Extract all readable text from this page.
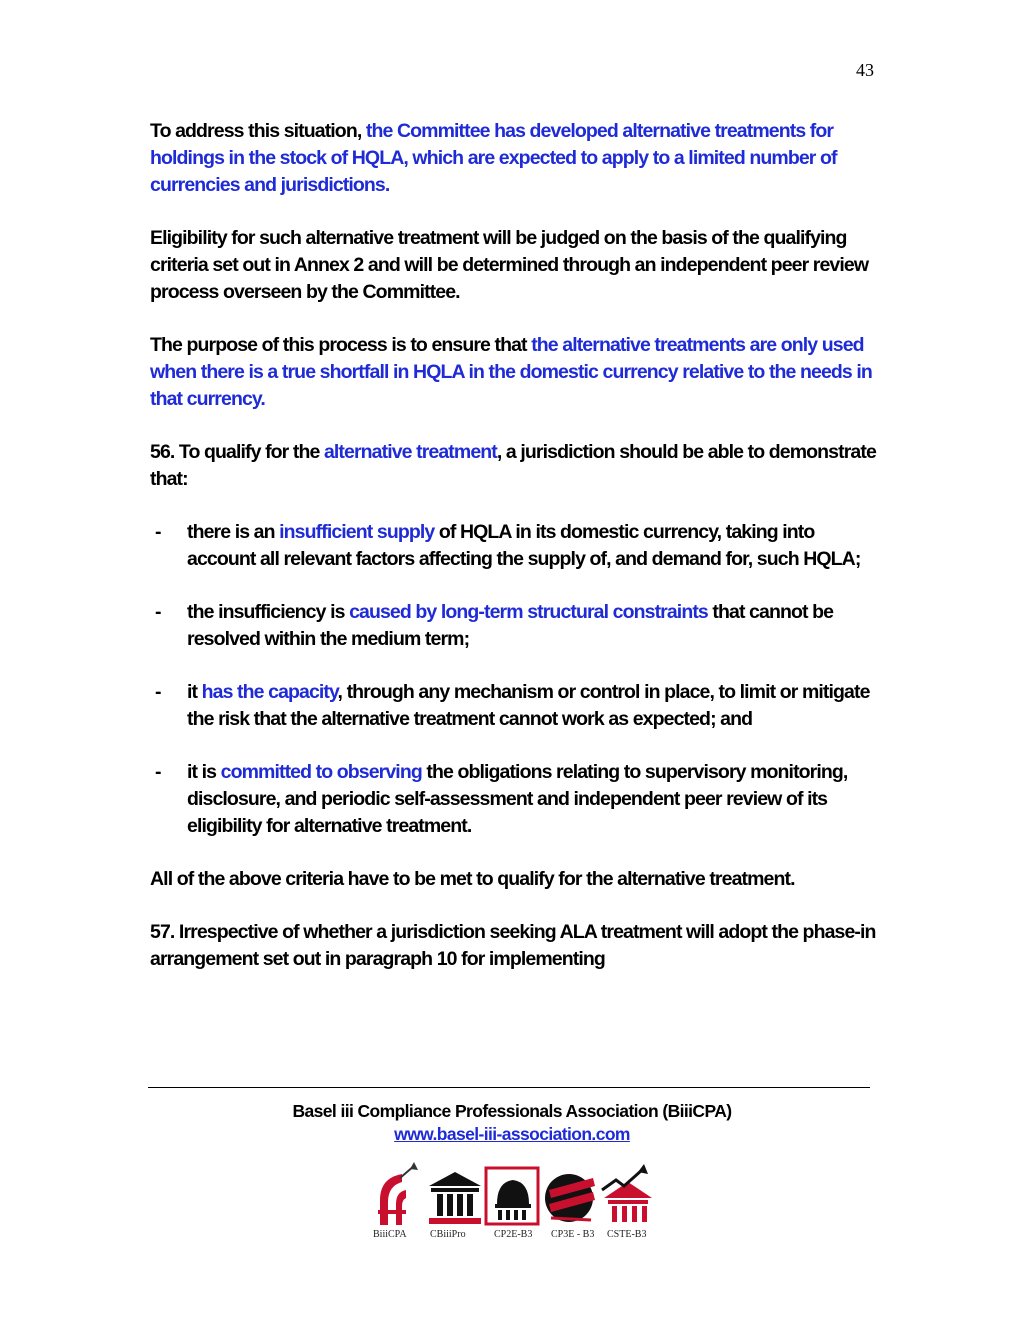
43

To address this situation, the Committee has developed alternative treatments for holdings in the stock of HQLA, which are expected to apply to a limited number of currencies and jurisdictions.

Eligibility for such alternative treatment will be judged on the basis of the qualifying criteria set out in Annex 2 and will be determined through an independent peer review process overseen by the Committee.

The purpose of this process is to ensure that the alternative treatments are only used when there is a true shortfall in HQLA in the domestic currency relative to the needs in that currency.

56. To qualify for the alternative treatment, a jurisdiction should be able to demonstrate that:

- there is an insufficient supply of HQLA in its domestic currency, taking into account all relevant factors affecting the supply of, and demand for, such HQLA;
- the insufficiency is caused by long-term structural constraints that cannot be resolved within the medium term;
- it has the capacity, through any mechanism or control in place, to limit or mitigate the risk that the alternative treatment cannot work as expected; and
- it is committed to observing the obligations relating to supervisory monitoring, disclosure, and periodic self-assessment and independent peer review of its eligibility for alternative treatment.

All of the above criteria have to be met to qualify for the alternative treatment.

57. Irrespective of whether a jurisdiction seeking ALA treatment will adopt the phase-in arrangement set out in paragraph 10 for implementing

Basel iii Compliance Professionals Association (BiiiCPA)
www.basel-iii-association.com
BiiiCPA CBiiiPro	CP2E-B3 CP3E - B3 CSTE-B3
